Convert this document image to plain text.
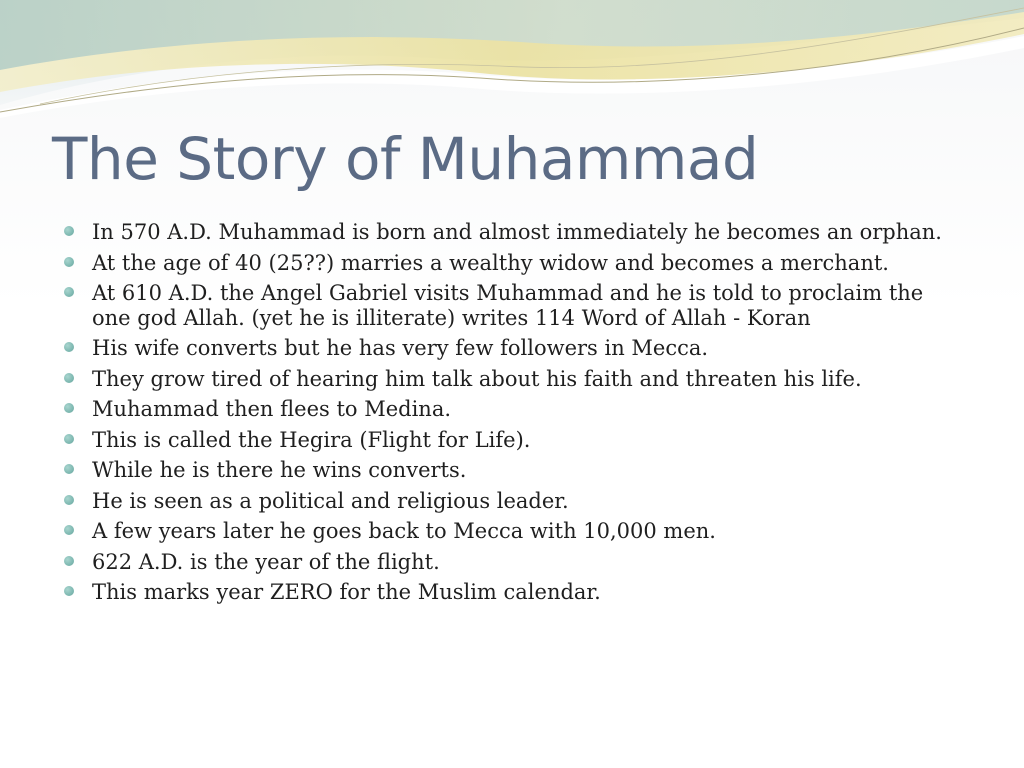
The Story of Muhammad
In 570 A.D. Muhammad is born and almost immediately he becomes an orphan.
At the age of 40 (25??) marries a wealthy widow and becomes a merchant.
At 610 A.D. the Angel Gabriel visits Muhammad and he is told to proclaim the one god Allah. (yet he is illiterate) writes 114 Word of Allah - Koran
His wife converts but he has very few followers in Mecca.
They grow tired of hearing him talk about his faith and threaten his life.
Muhammad then flees to Medina.
This is called the Hegira (Flight for Life).
While he is there he wins converts.
He is seen as a political and religious leader.
A few years later he goes back to Mecca with 10,000 men.
622 A.D. is the year of the flight.
This marks year ZERO for the Muslim calendar.
